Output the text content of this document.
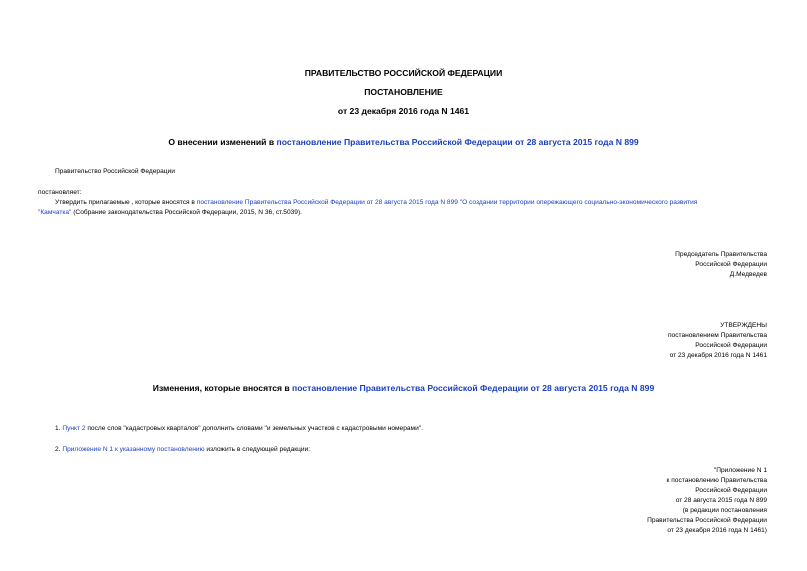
ПРАВИТЕЛЬСТВО РОССИЙСКОЙ ФЕДЕРАЦИИ
ПОСТАНОВЛЕНИЕ
от 23 декабря 2016 года N 1461
О внесении изменений в постановление Правительства Российской Федерации от 28 августа 2015 года N 899
Правительство Российской Федерации
постановляет:
Утвердить прилагаемые , которые вносятся в постановление Правительства Российской Федерации от 28 августа 2015 года N 899 "О создании территории опережающего социально-экономического развития
"Камчатка" (Собрание законодательства Российской Федерации, 2015, N 36, ст.5039).
Председатель Правительства
Российской Федерации
Д.Медведев
УТВЕРЖДЕНЫ
постановлением Правительства
Российской Федерации
от 23 декабря 2016 года N 1461
Изменения, которые вносятся в постановление Правительства Российской Федерации от 28 августа 2015 года N 899
1. Пункт 2 после слов "кадастровых кварталов" дополнить словами "и земельных участков с кадастровыми номерами".
2. Приложение N 1 к указанному постановлению изложить в следующей редакции:
"Приложение N 1
к постановлению Правительства
Российской Федерации
от 28 августа 2015 года N 899
(в редакции постановления
Правительства Российской Федерации
от 23 декабря 2016 года N 1461)
